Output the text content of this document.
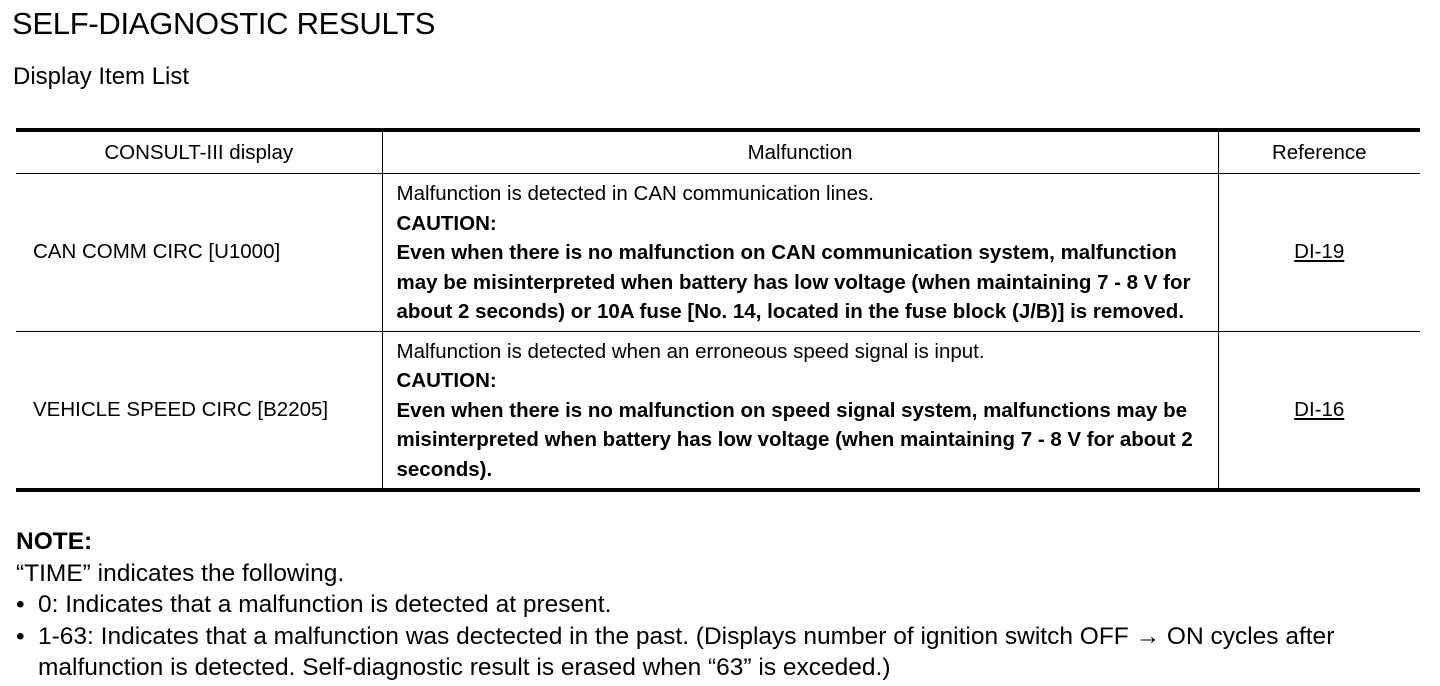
SELF-DIAGNOSTIC RESULTS
Display Item List
CONSULT-III display	Malfunction	Reference
CAN COMM CIRC [U1000]	Malfunction is detected in CAN communication lines.
CAUTION:
Even when there is no malfunction on CAN communication system, malfunction may be misinterpreted when battery has low voltage (when maintaining 7 - 8 V for about 2 seconds) or 10A fuse [No. 14, located in the fuse block (J/B)] is removed.	DI-19
VEHICLE SPEED CIRC [B2205]	Malfunction is detected when an erroneous speed signal is input.
CAUTION:
Even when there is no malfunction on speed signal system, malfunctions may be misinterpreted when battery has low voltage (when maintaining 7 - 8 V for about 2 seconds).	DI-16
NOTE:
“TIME” indicates the following.
• 0: Indicates that a malfunction is detected at present.
• 1-63: Indicates that a malfunction was dectected in the past. (Displays number of ignition switch OFF → ON cycles after malfunction is detected. Self-diagnostic result is erased when “63” is exceded.)
